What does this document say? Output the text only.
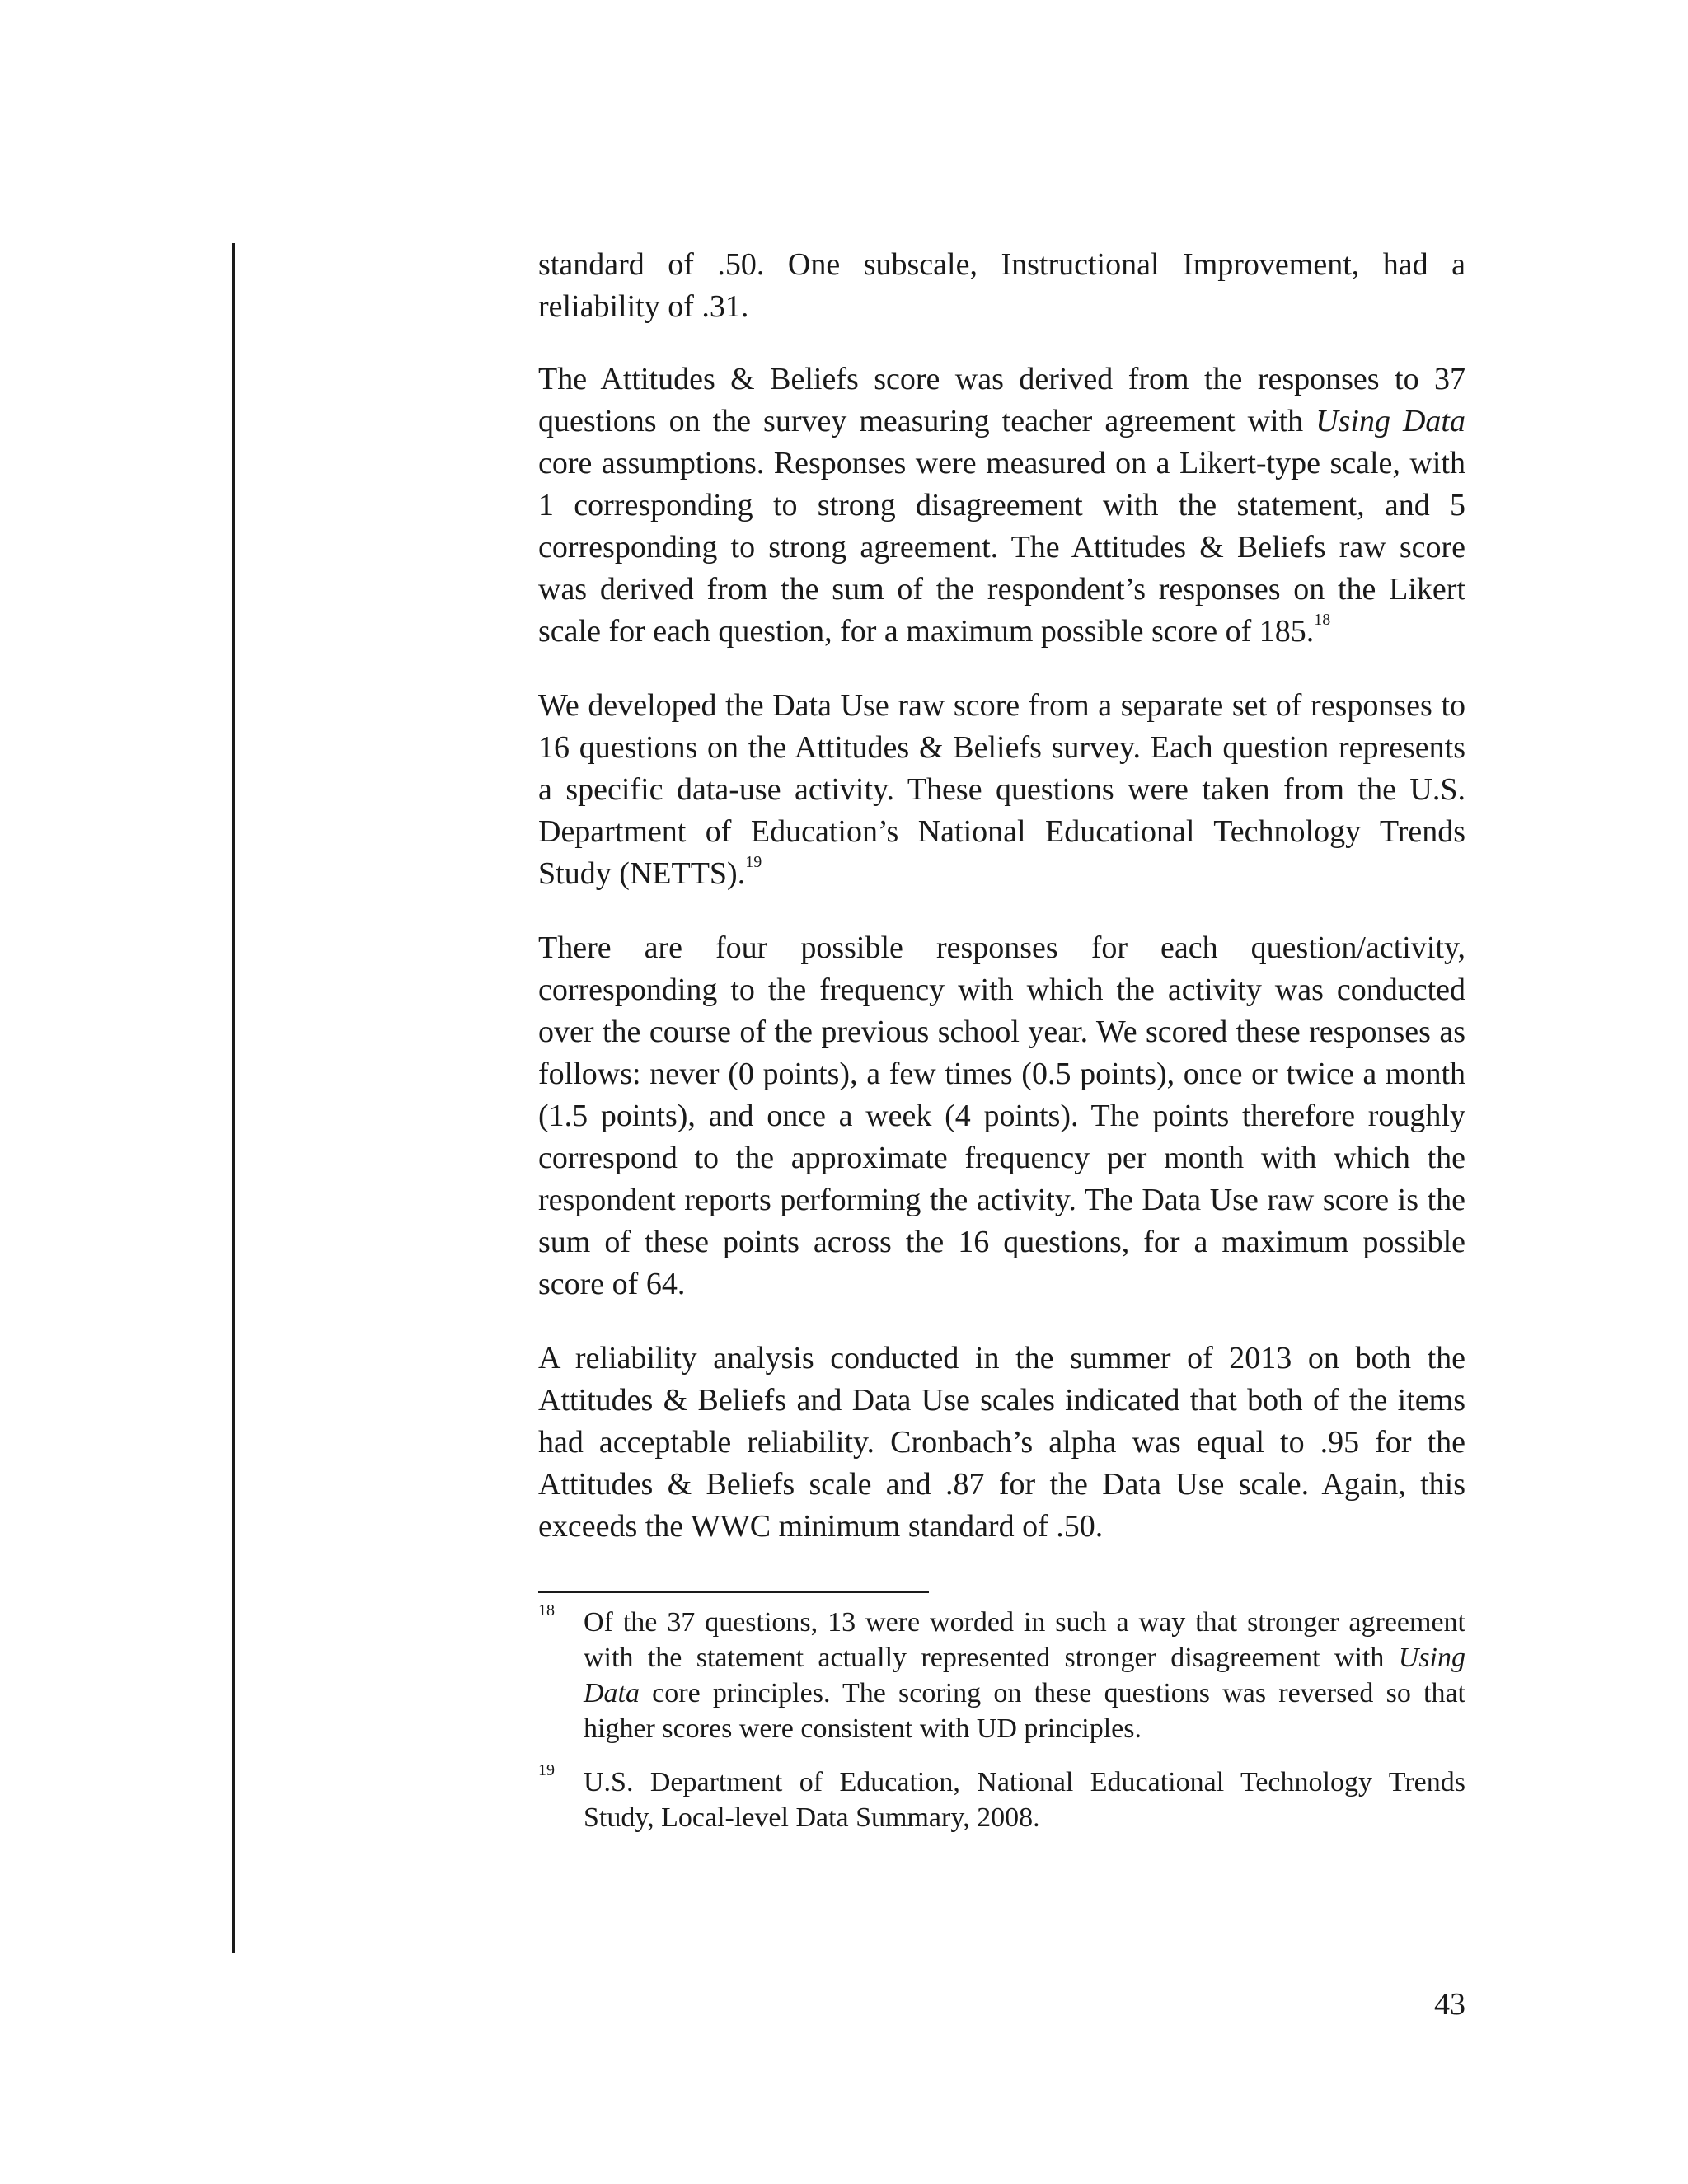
standard of .50. One subscale, Instructional Improvement, had a reliability of .31.

The Attitudes & Beliefs score was derived from the responses to 37 questions on the survey measuring teacher agreement with Using Data core assumptions. Responses were measured on a Likert-type scale, with 1 corresponding to strong disagreement with the statement, and 5 corresponding to strong agreement. The Attitudes & Beliefs raw score was derived from the sum of the respondent’s responses on the Likert scale for each question, for a maximum possible score of 185.18

We developed the Data Use raw score from a separate set of responses to 16 questions on the Attitudes & Beliefs survey. Each question represents a specific data-use activity. These questions were taken from the U.S. Department of Education’s National Educational Technology Trends Study (NETTS).$^{19}$

There are four possible responses for each question/activity, corresponding to the frequency with which the activity was conducted over the course of the previous school year. We scored these responses as follows: never (0 points), a few times (0.5 points), once or twice a month (1.5 points), and once a week (4 points). The points therefore roughly correspond to the approximate frequency per month with which the respondent reports performing the activity. The Data Use raw score is the sum of these points across the 16 questions, for a maximum possible score of 64.

A reliability analysis conducted in the summer of 2013 on both the Attitudes & Beliefs and Data Use scales indicated that both of the items had acceptable reliability. Cronbach’s alpha was equal to .95 for the Attitudes & Beliefs scale and .87 for the Data Use scale. Again, this exceeds the WWC minimum standard of .50.

18 Of the 37 questions, 13 were worded in such a way that stronger agreement with the statement actually represented stronger disagreement with Using Data core principles. The scoring on these questions was reversed so that higher scores were consistent with UD principles.
19 U.S. Department of Education, National Educational Technology Trends Study, Local-level Data Summary, 2008.
43
